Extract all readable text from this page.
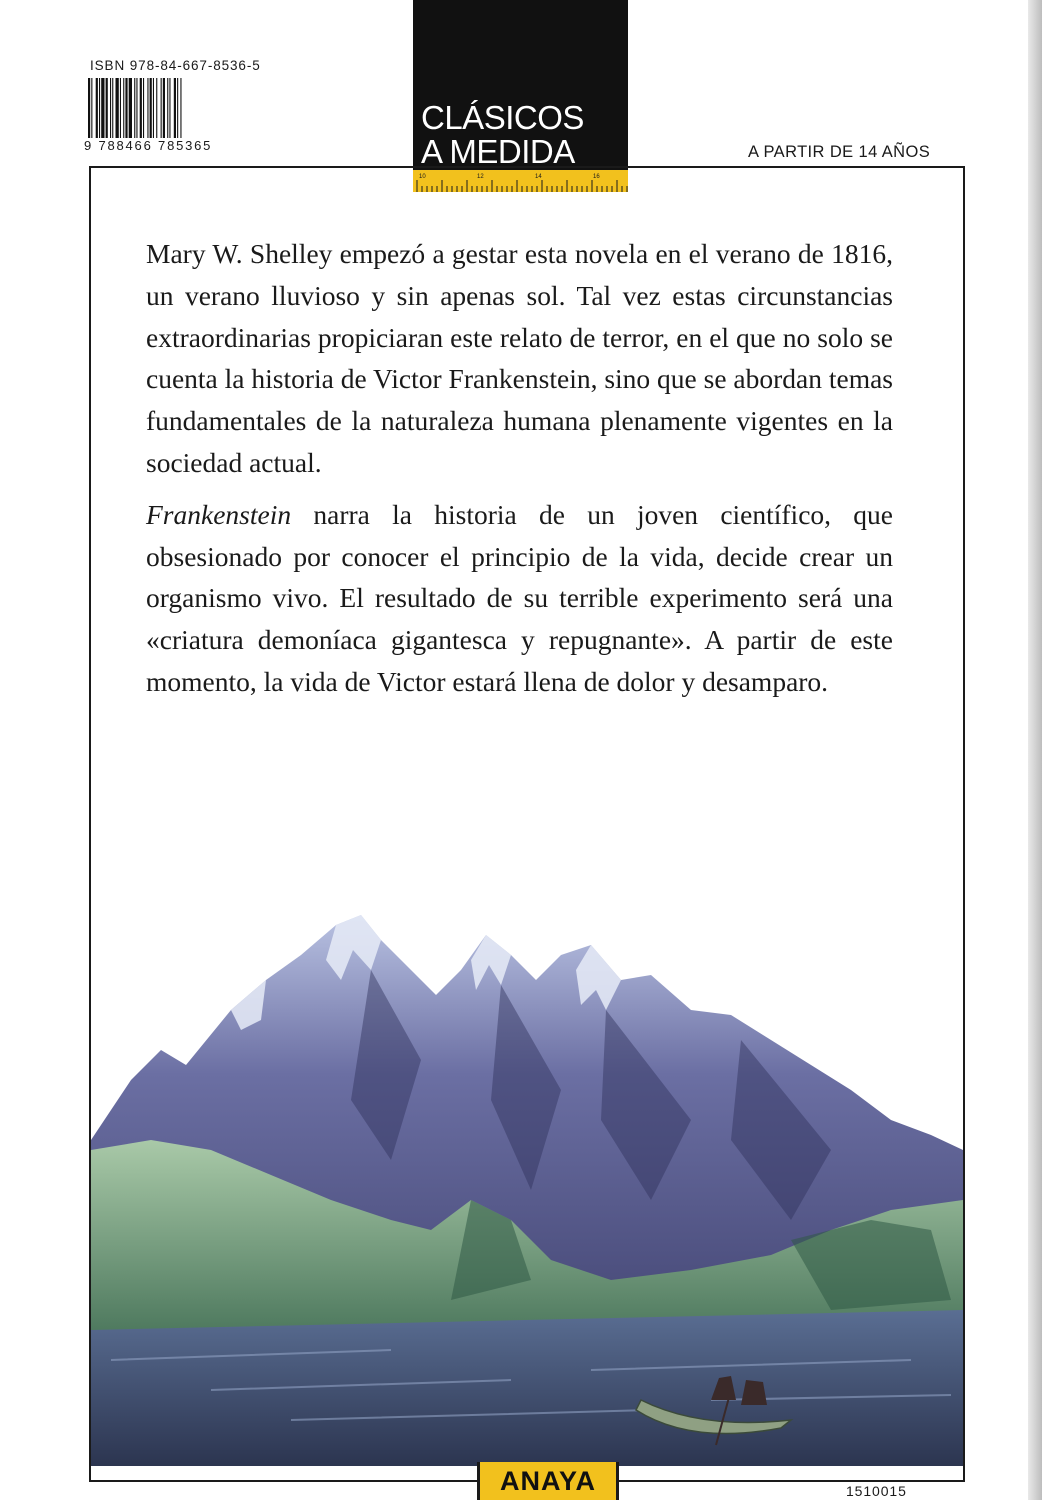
ISBN 978-84-667-8536-5
9 788466 785365
CLÁSICOS
A MEDIDA
10	12	14	16
A PARTIR DE 14 AÑOS

Mary W. Shelley empezó a gestar esta novela en el verano de 1816, un verano lluvioso y sin apenas sol. Tal vez estas circunstancias extraordinarias propiciaran este relato de terror, en el que no solo se cuenta la historia de Victor Frankenstein, sino que se abordan temas fundamentales de la naturaleza humana plenamente vigentes en la sociedad actual.

Frankenstein narra la historia de un joven científico, que obsesionado por conocer el principio de la vida, decide crear un organismo vivo. El resultado de su terrible experimento será una «criatura demoníaca gigantesca y repugnante». A partir de este momento, la vida de Victor estará llena de dolor y desamparo.

ANAYA	1510015
